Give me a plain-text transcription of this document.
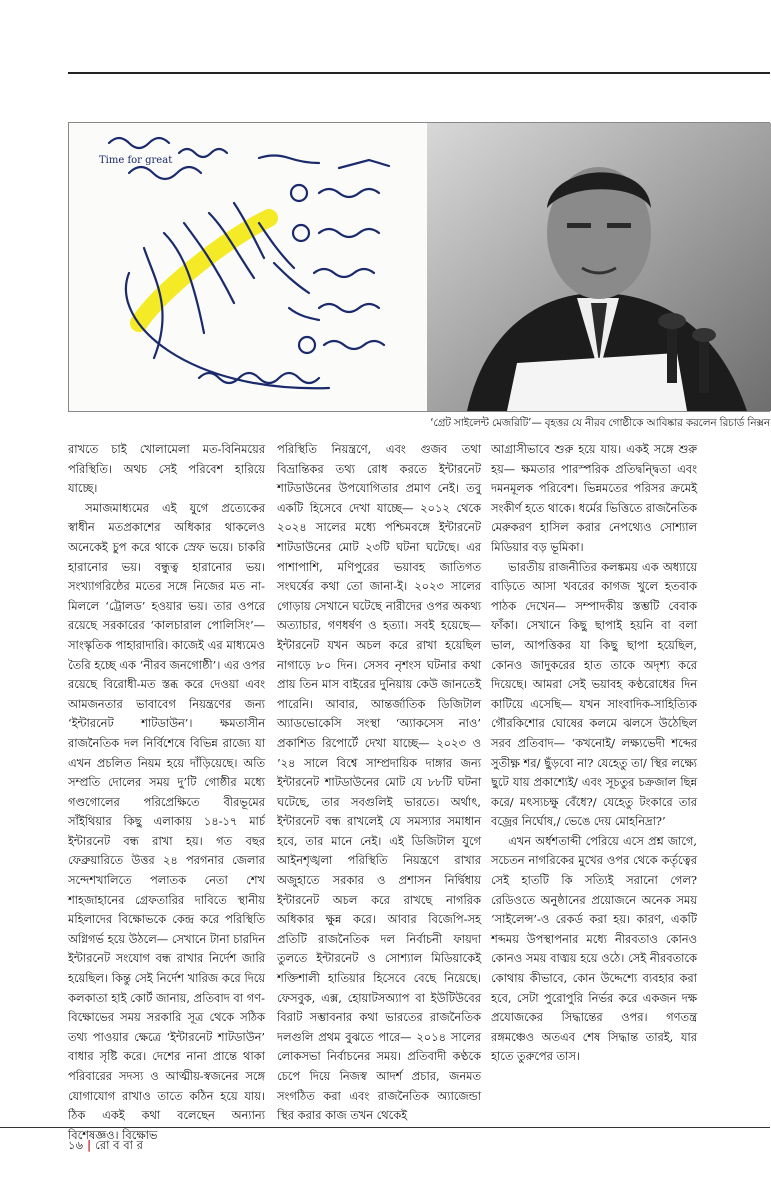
Time for great
‘গ্রেট সাইলেন্ট মেজরিটি’— বৃহত্তর যে নীরব গোষ্ঠীকে আবিষ্কার করলেন রিচার্ড নিক্সন

রাখতে চাই খোলামেলা মত-বিনিময়ের পরিস্থিতি। অথচ সেই পরিবেশ হারিয়ে যাচ্ছে।

সমাজমাধ্যমের এই যুগে প্রত্যেকের স্বাধীন মতপ্রকাশের অধিকার থাকলেও অনেকেই চুপ করে থাকে স্রেফ ভয়ে। চাকরি হারানোর ভয়। বন্ধুত্ব হারানোর ভয়। সংখ্যাগরিষ্ঠের মতের সঙ্গে নিজের মত না-মিললে ‘ট্রোলড’ হওয়ার ভয়। তার ওপরে রয়েছে সরকারের ‘কালচারাল পোলিসিং’— সাংস্কৃতিক পাহারাদারি। কাজেই এর মাধ্যমেও তৈরি হচ্ছে এক ‘নীরব জনগোষ্ঠী’। এর ওপর রয়েছে বিরোধী-মত স্তব্ধ করে দেওয়া এবং আমজনতার ভাবাবেগ নিয়ন্ত্রণের জন্য ‘ইন্টারনেট শাটডাউন’। ক্ষমতাসীন রাজনৈতিক দল নির্বিশেষে বিভিন্ন রাজ্যে যা এখন প্রচলিত নিয়ম হয়ে দাঁড়িয়েছে। অতি সম্প্রতি দোলের সময় দু’টি গোষ্ঠীর মধ্যে গণ্ডগোলের পরিপ্রেক্ষিতে বীরভূমের সাঁইথিয়ার কিছু এলাকায় ১৪-১৭ মার্চ ইন্টারনেট বন্ধ রাখা হয়। গত বছর ফেব্রুয়ারিতে উত্তর ২৪ পরগনার জেলার সন্দেশখালিতে পলাতক নেতা শেখ শাহজাহানের গ্রেফতারির দাবিতে স্থানীয় মহিলাদের বিক্ষোভকে কেন্দ্র করে পরিস্থিতি অগ্নিগর্ভ হয়ে উঠলে— সেখানে টানা চারদিন ইন্টারনেট সংযোগ বন্ধ রাখার নির্দেশ জারি হয়েছিল। কিন্তু সেই নির্দেশ খারিজ করে দিয়ে কলকাতা হাই কোর্ট জানায়, প্রতিবাদ বা গণ-বিক্ষোভের সময় সরকারি সূত্র থেকে সঠিক তথ্য পাওয়ার ক্ষেত্রে ‘ইন্টারনেট শাটডাউন’ বাধার সৃষ্টি করে। দেশের নানা প্রান্তে থাকা পরিবারের সদস্য ও আত্মীয়-স্বজনের সঙ্গে যোগাযোগ রাখাও তাতে কঠিন হয়ে যায়। ঠিক একই কথা বলেছেন অন্যান্য বিশেষজ্ঞও। বিক্ষোভ

পরিস্থিতি নিয়ন্ত্রণে, এবং গুজব তথা বিভ্রান্তিকর তথ্য রোধ করতে ইন্টারনেট শাটডাউনের উপযোগিতার প্রমাণ নেই। তবু একটি হিসেবে দেখা যাচ্ছে— ২০১২ থেকে ২০২৪ সালের মধ্যে পশ্চিমবঙ্গে ইন্টারনেট শাটডাউনের মোট ২৩টি ঘটনা ঘটেছে। এর পাশাপাশি, মণিপুরের ভয়াবহ জাতিগত সংঘর্ষের কথা তো জানা-ই। ২০২৩ সালের গোড়ায় সেখানে ঘটেছে নারীদের ওপর অকথ্য অত্যাচার, গণধর্ষণ ও হত্যা। সবই হয়েছে— ইন্টারনেট যখন অচল করে রাখা হয়েছিল নাগাড়ে ৮০ দিন। সেসব নৃশংস ঘটনার কথা প্রায় তিন মাস বাইরের দুনিয়ায় কেউ জানতেই পারেনি। আবার, আন্তর্জাতিক ডিজিটাল অ্যাডভোকেসি সংস্থা ‘অ্যাকসেস নাও’ প্রকাশিত রিপোর্টে দেখা যাচ্ছে— ২০২৩ ও ’২৪ সালে বিশ্বে সাম্প্রদায়িক দাঙ্গার জন্য ইন্টারনেট শাটডাউনের মোট যে ৮৮টি ঘটনা ঘটেছে, তার সবগুলিই ভারতে। অর্থাৎ, ইন্টারনেট বন্ধ রাখলেই যে সমস্যার সমাধান হবে, তার মানে নেই। এই ডিজিটাল যুগে আইনশৃঙ্খলা পরিস্থিতি নিয়ন্ত্রণে রাখার অজুহাতে সরকার ও প্রশাসন নির্দ্বিধায় ইন্টারনেট অচল করে রাখছে নাগরিক অধিকার ক্ষুন্ন করে। আবার বিজেপি-সহ প্রতিটি রাজনৈতিক দল নির্বাচনী ফায়দা তুলতে ইন্টারনেট ও সোশ্যাল মিডিয়াকেই শক্তিশালী হাতিয়ার হিসেবে বেছে নিয়েছে। ফেসবুক, এক্স, হোয়াটসঅ্যাপ বা ইউটিউবের বিরাট সম্ভাবনার কথা ভারতের রাজনৈতিক দলগুলি প্রথম বুঝতে পারে— ২০১৪ সালের লোকসভা নির্বাচনের সময়। প্রতিবাদী কণ্ঠকে চেপে দিয়ে নিজস্ব আদর্শ প্রচার, জনমত সংগঠিত করা এবং রাজনৈতিক অ্যাজেন্ডা স্থির করার কাজ তখন থেকেই

আগ্রাসীভাবে শুরু হয়ে যায়। একই সঙ্গে শুরু হয়— ক্ষমতার পারস্পরিক প্রতিদ্বন্দ্বিতা এবং দমনমূলক পরিবেশ। ভিন্নমতের পরিসর ক্রমেই সংকীর্ণ হতে থাকে। ধর্মের ভিত্তিতে রাজনৈতিক মেরুকরণ হাসিল করার নেপথ্যেও সোশ্যাল মিডিয়ার বড় ভূমিকা।

ভারতীয় রাজনীতির কলঙ্কময় এক অধ্যায়ে বাড়িতে আসা খবরের কাগজ খুলে হতবাক পাঠক দেখেন— সম্পাদকীয় স্তম্ভটি বেবাক ফাঁকা। সেখানে কিছু ছাপাই হয়নি বা বলা ভাল, আপত্তিকর যা কিছু ছাপা হয়েছিল, কোনও জাদুকরের হাত তাকে অদৃশ্য করে দিয়েছে। আমরা সেই ভয়াবহ কণ্ঠরোধের দিন কাটিয়ে এসেছি— যখন সাংবাদিক-সাহিত্যিক গৌরকিশোর ঘোষের কলমে ঝলসে উঠেছিল সরব প্রতিবাদ— ‘কখনোই/ লক্ষ্যভেদী শব্দের সুতীক্ষ্ণ শর/ ছুঁড়বো না? যেহেতু তা/ স্থির লক্ষ্যে ছুটে যায় প্রকাশ্যেই/ এবং সূচতুর চক্রজাল ছিন্ন করে/ মৎস্যচক্ষু বেঁধে?/ যেহেতু টংকারে তার বজ্রের নির্ঘোষ,/ ভেঙে দেয় মোহনিদ্রা?’

এখন অর্ধশতাব্দী পেরিয়ে এসে প্রশ্ন জাগে, সচেতন নাগরিকের মুখের ওপর থেকে কর্তৃত্বের সেই হাতটি কি সত্যিই সরানো গেল? রেডিওতে অনুষ্ঠানের প্রয়োজনে অনেক সময় ‘সাইলেন্স’-ও রেকর্ড করা হয়। কারণ, একটি শব্দময় উপস্থাপনার মধ্যে নীরবতাও কোনও কোনও সময় বাঙ্ময় হয়ে ওঠে। সেই নীরবতাকে কোথায় কীভাবে, কোন উদ্দেশ্যে ব্যবহার করা হবে, সেটা পুরোপুরি নির্ভর করে একজন দক্ষ প্রযোজকের সিদ্ধান্তের ওপর। গণতন্ত্র রঙ্গমঞ্চেও অতএব শেষ সিদ্ধান্ত তারই, যার হাতে তুরুপের তাস।

১৬ | রো ব বা র
